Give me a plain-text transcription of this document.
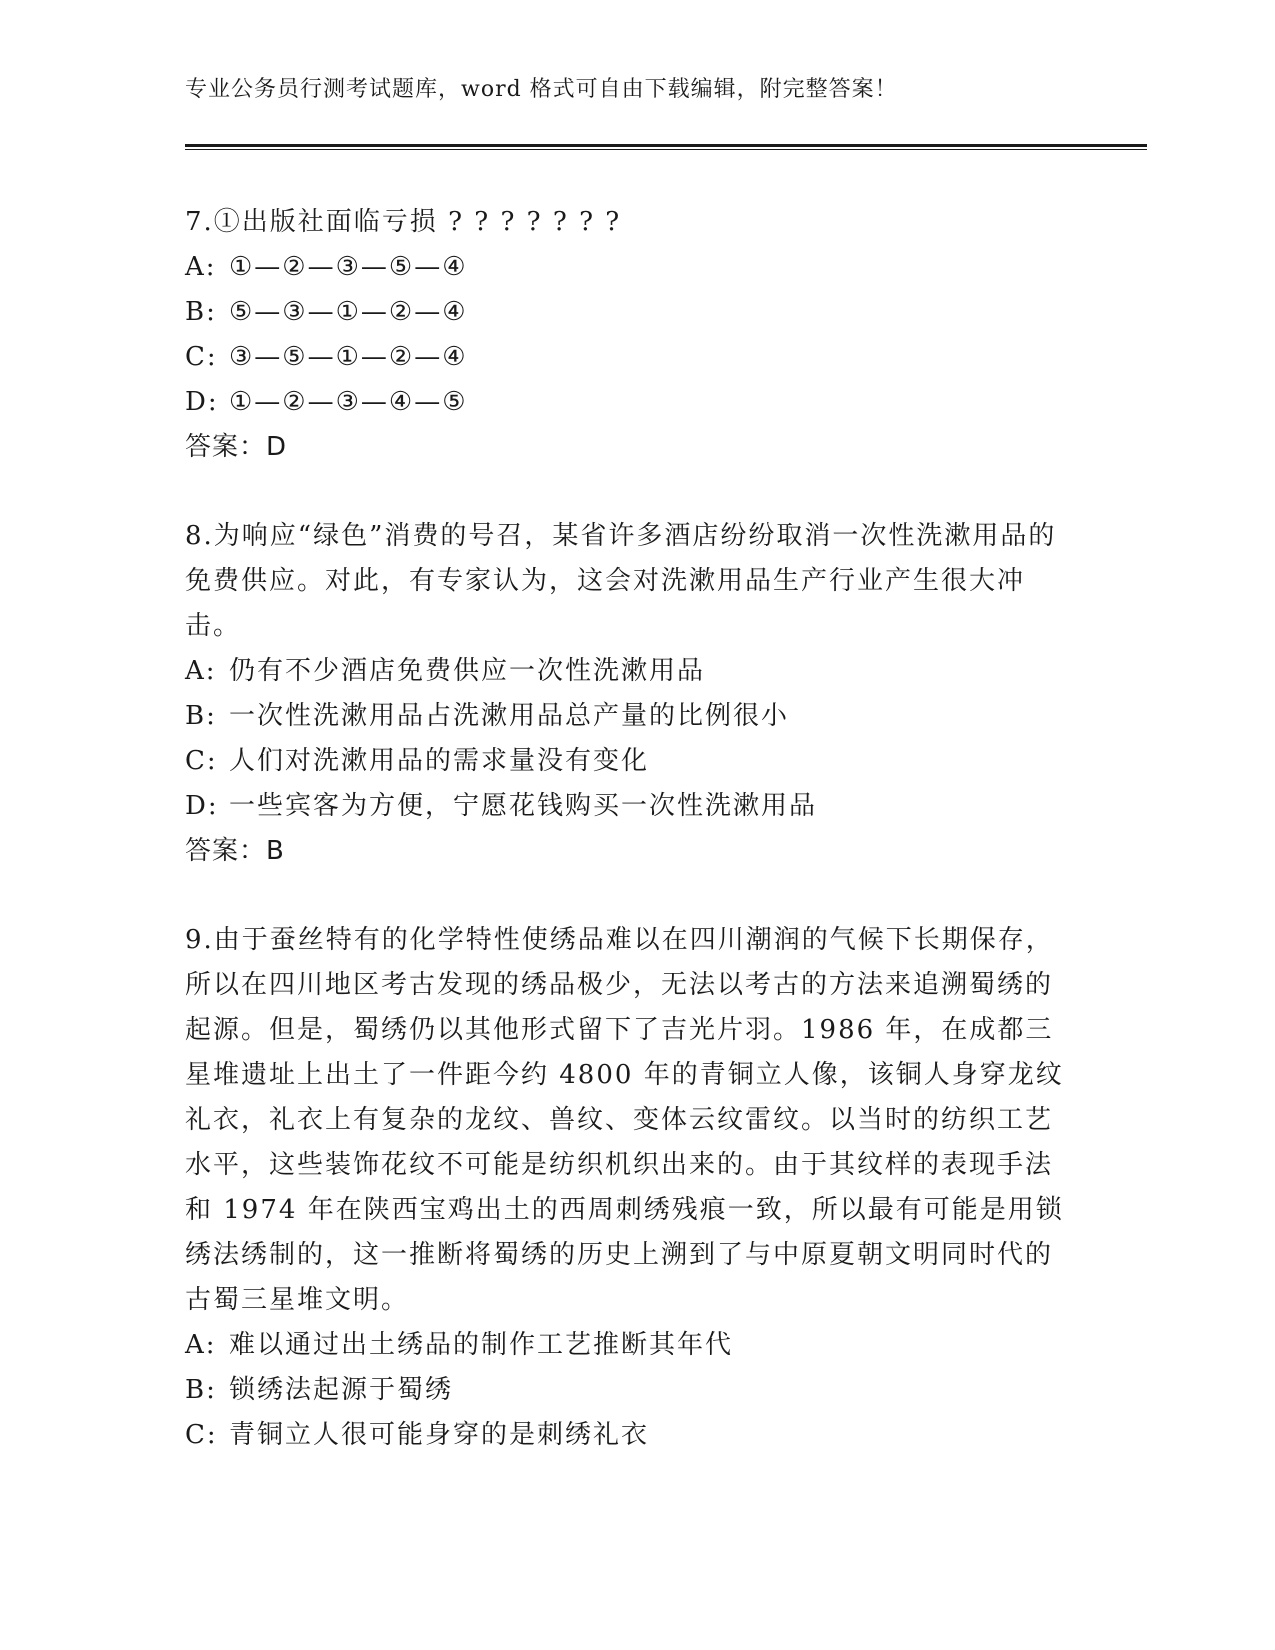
专业公务员行测考试题库，word 格式可自由下载编辑，附完整答案！

7.①出版社面临亏损 ? ? ? ? ? ? ?

A: ①—②—③—⑤—④

B: ⑤—③—①—②—④

C: ③—⑤—①—②—④

D: ①—②—③—④—⑤

答案：D

8.为响应“绿色”消费的号召，某省许多酒店纷纷取消一次性洗漱用品的免费供应。对此，有专家认为，这会对洗漱用品生产行业产生很大冲击。

A: 仍有不少酒店免费供应一次性洗漱用品

B: 一次性洗漱用品占洗漱用品总产量的比例很小

C: 人们对洗漱用品的需求量没有变化

D: 一些宾客为方便，宁愿花钱购买一次性洗漱用品

答案：B

9.由于蚕丝特有的化学特性使绣品难以在四川潮润的气候下长期保存，所以在四川地区考古发现的绣品极少，无法以考古的方法来追溯蜀绣的起源。但是，蜀绣仍以其他形式留下了吉光片羽。1986 年，在成都三星堆遗址上出土了一件距今约 4800 年的青铜立人像，该铜人身穿龙纹礼衣，礼衣上有复杂的龙纹、兽纹、变体云纹雷纹。以当时的纺织工艺水平，这些装饰花纹不可能是纺织机织出来的。由于其纹样的表现手法和 1974 年在陕西宝鸡出土的西周刺绣残痕一致，所以最有可能是用锁绣法绣制的，这一推断将蜀绣的历史上溯到了与中原夏朝文明同时代的古蜀三星堆文明。

A: 难以通过出土绣品的制作工艺推断其年代

B: 锁绣法起源于蜀绣

C: 青铜立人很可能身穿的是刺绣礼衣
